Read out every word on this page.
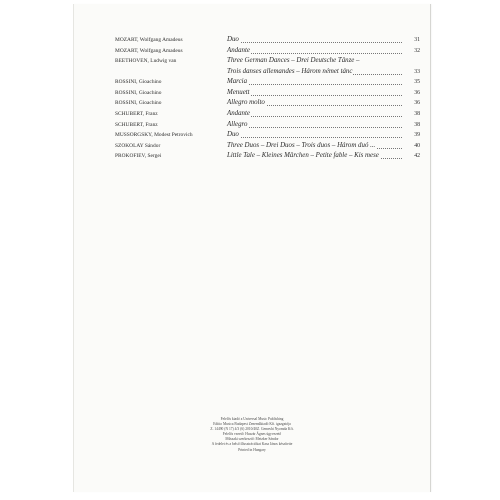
MOZART, Wolfgang Amadeus	Duo	31
MOZART, Wolfgang Amadeus	Andante	32
BEETHOVEN, Ludwig van	Three German Dances – Drei Deutsche Tänze –
Trois danses allemandes – Három német tánc	33
ROSSINI, Gioachino	Marcia	35
ROSSINI, Gioachino	Menuett	36
ROSSINI, Gioachino	Allegro molto	36
SCHUBERT, Franz	Andante	38
SCHUBERT, Franz	Allegro	38
MUSSORGSKY, Modest Petrovich	Duo	39
SZOKOLAY Sándor	Three Duos – Drei Duos – Trois duos – Három duó ...	40
PROKOFIEV, Sergei	Little Tale – Kleines Märchen – Petite fable – Kis mese	42
Felelős kiadó a Universal Music Publishing
Editio Musica Budapest Zeneműkiadó Kft. igazgatója
Z. 14490 (N 17) 4/3 (6) 2010/40Z. Gemeshi Nyomda Kft.
Felelős vezető: Huszár Ágnes ügyvezető
Műszaki szerkesztő: Metzker Sándor
A fedelet és a belső illusztrációkat Kasa János készítette
Printed in Hungary
